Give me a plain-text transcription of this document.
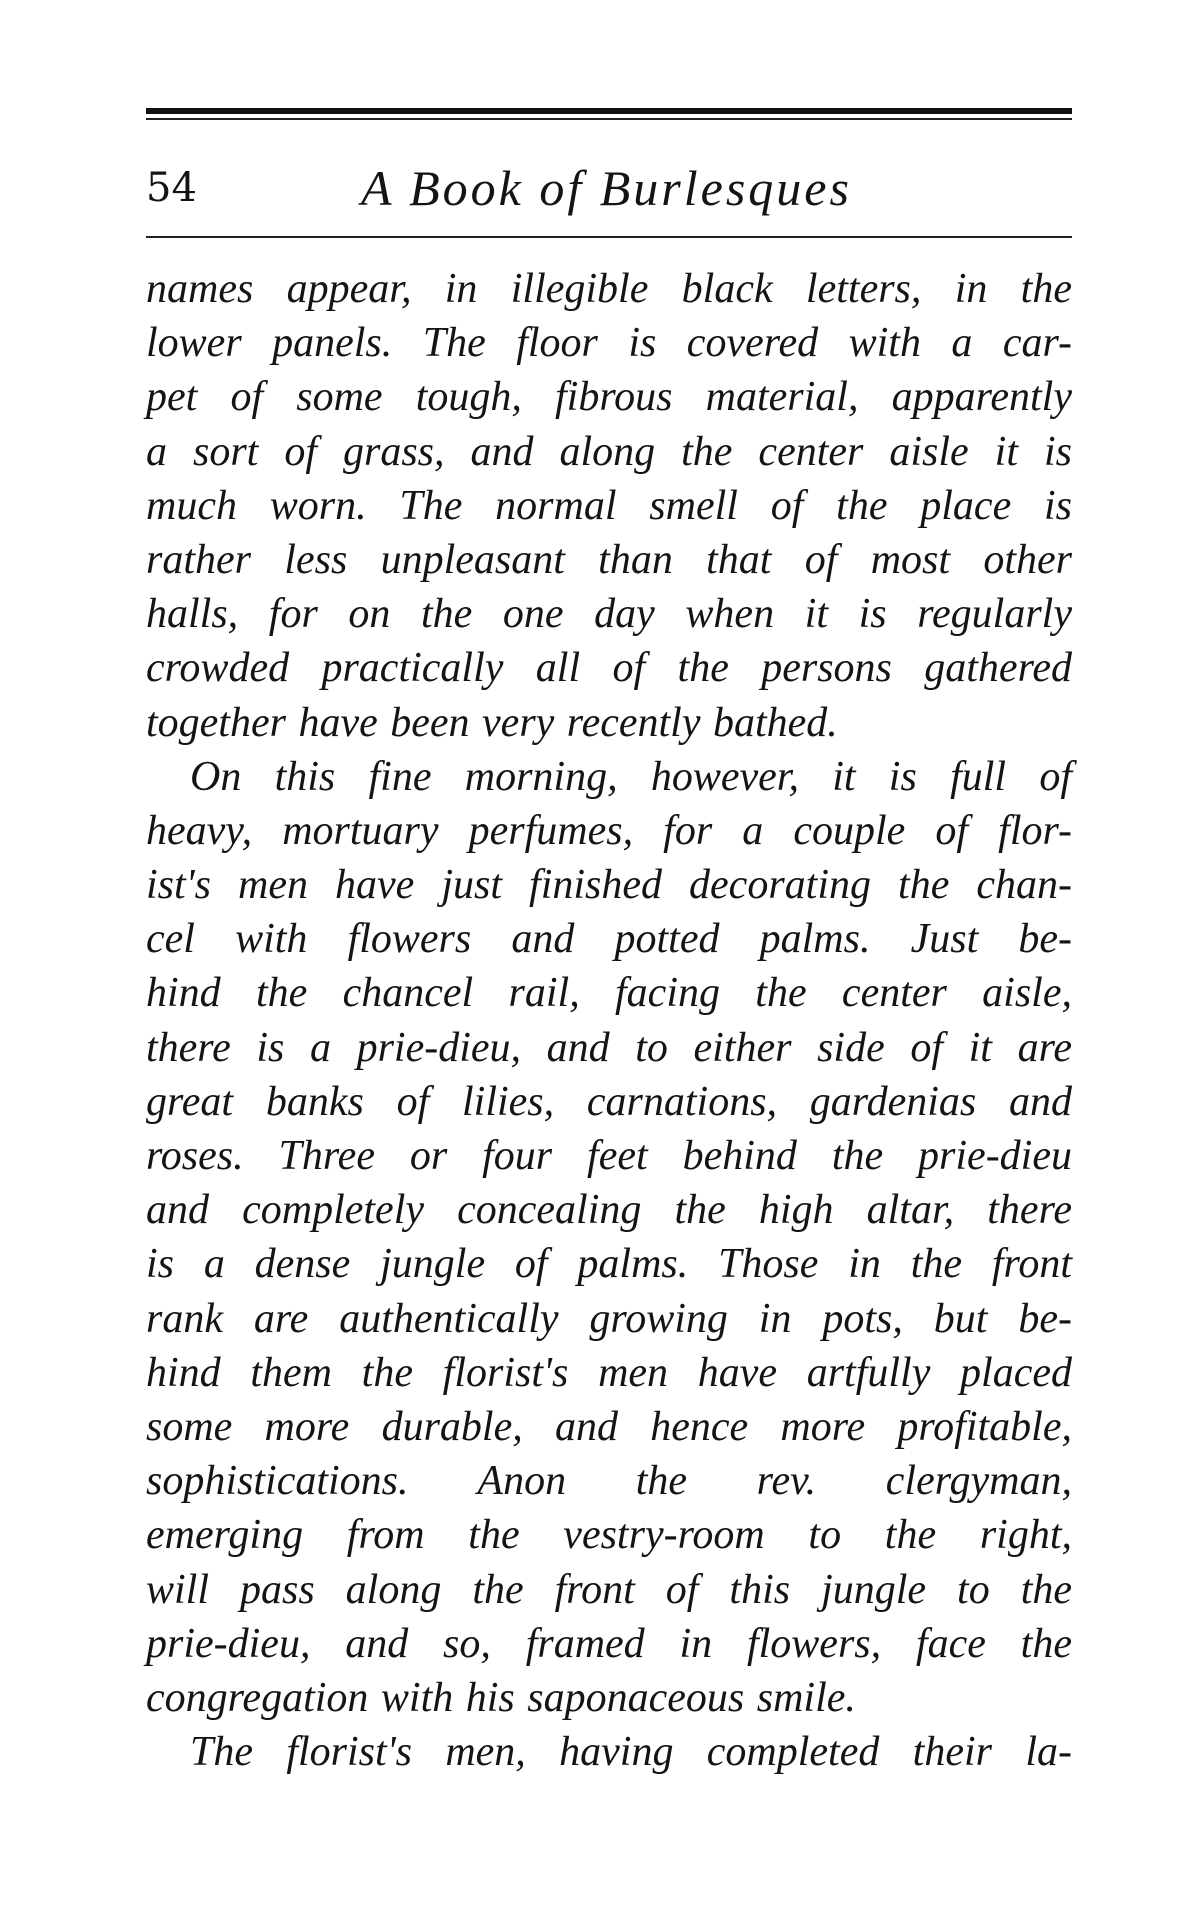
54	A Book of Burlesques
names appear, in illegible black letters, in the
lower panels. The floor is covered with a car-
pet of some tough, fibrous material, apparently
a sort of grass, and along the center aisle it is
much worn. The normal smell of the place is
rather less unpleasant than that of most other
halls, for on the one day when it is regularly
crowded practically all of the persons gathered
together have been very recently bathed.
On this fine morning, however, it is full of
heavy, mortuary perfumes, for a couple of flor-
ist's men have just finished decorating the chan-
cel with flowers and potted palms. Just be-
hind the chancel rail, facing the center aisle,
there is a prie-dieu, and to either side of it are
great banks of lilies, carnations, gardenias and
roses. Three or four feet behind the prie-dieu
and completely concealing the high altar, there
is a dense jungle of palms. Those in the front
rank are authentically growing in pots, but be-
hind them the florist's men have artfully placed
some more durable, and hence more profitable,
sophistications. Anon the rev. clergyman,
emerging from the vestry-room to the right,
will pass along the front of this jungle to the
prie-dieu, and so, framed in flowers, face the
congregation with his saponaceous smile.
The florist's men, having completed their la-
